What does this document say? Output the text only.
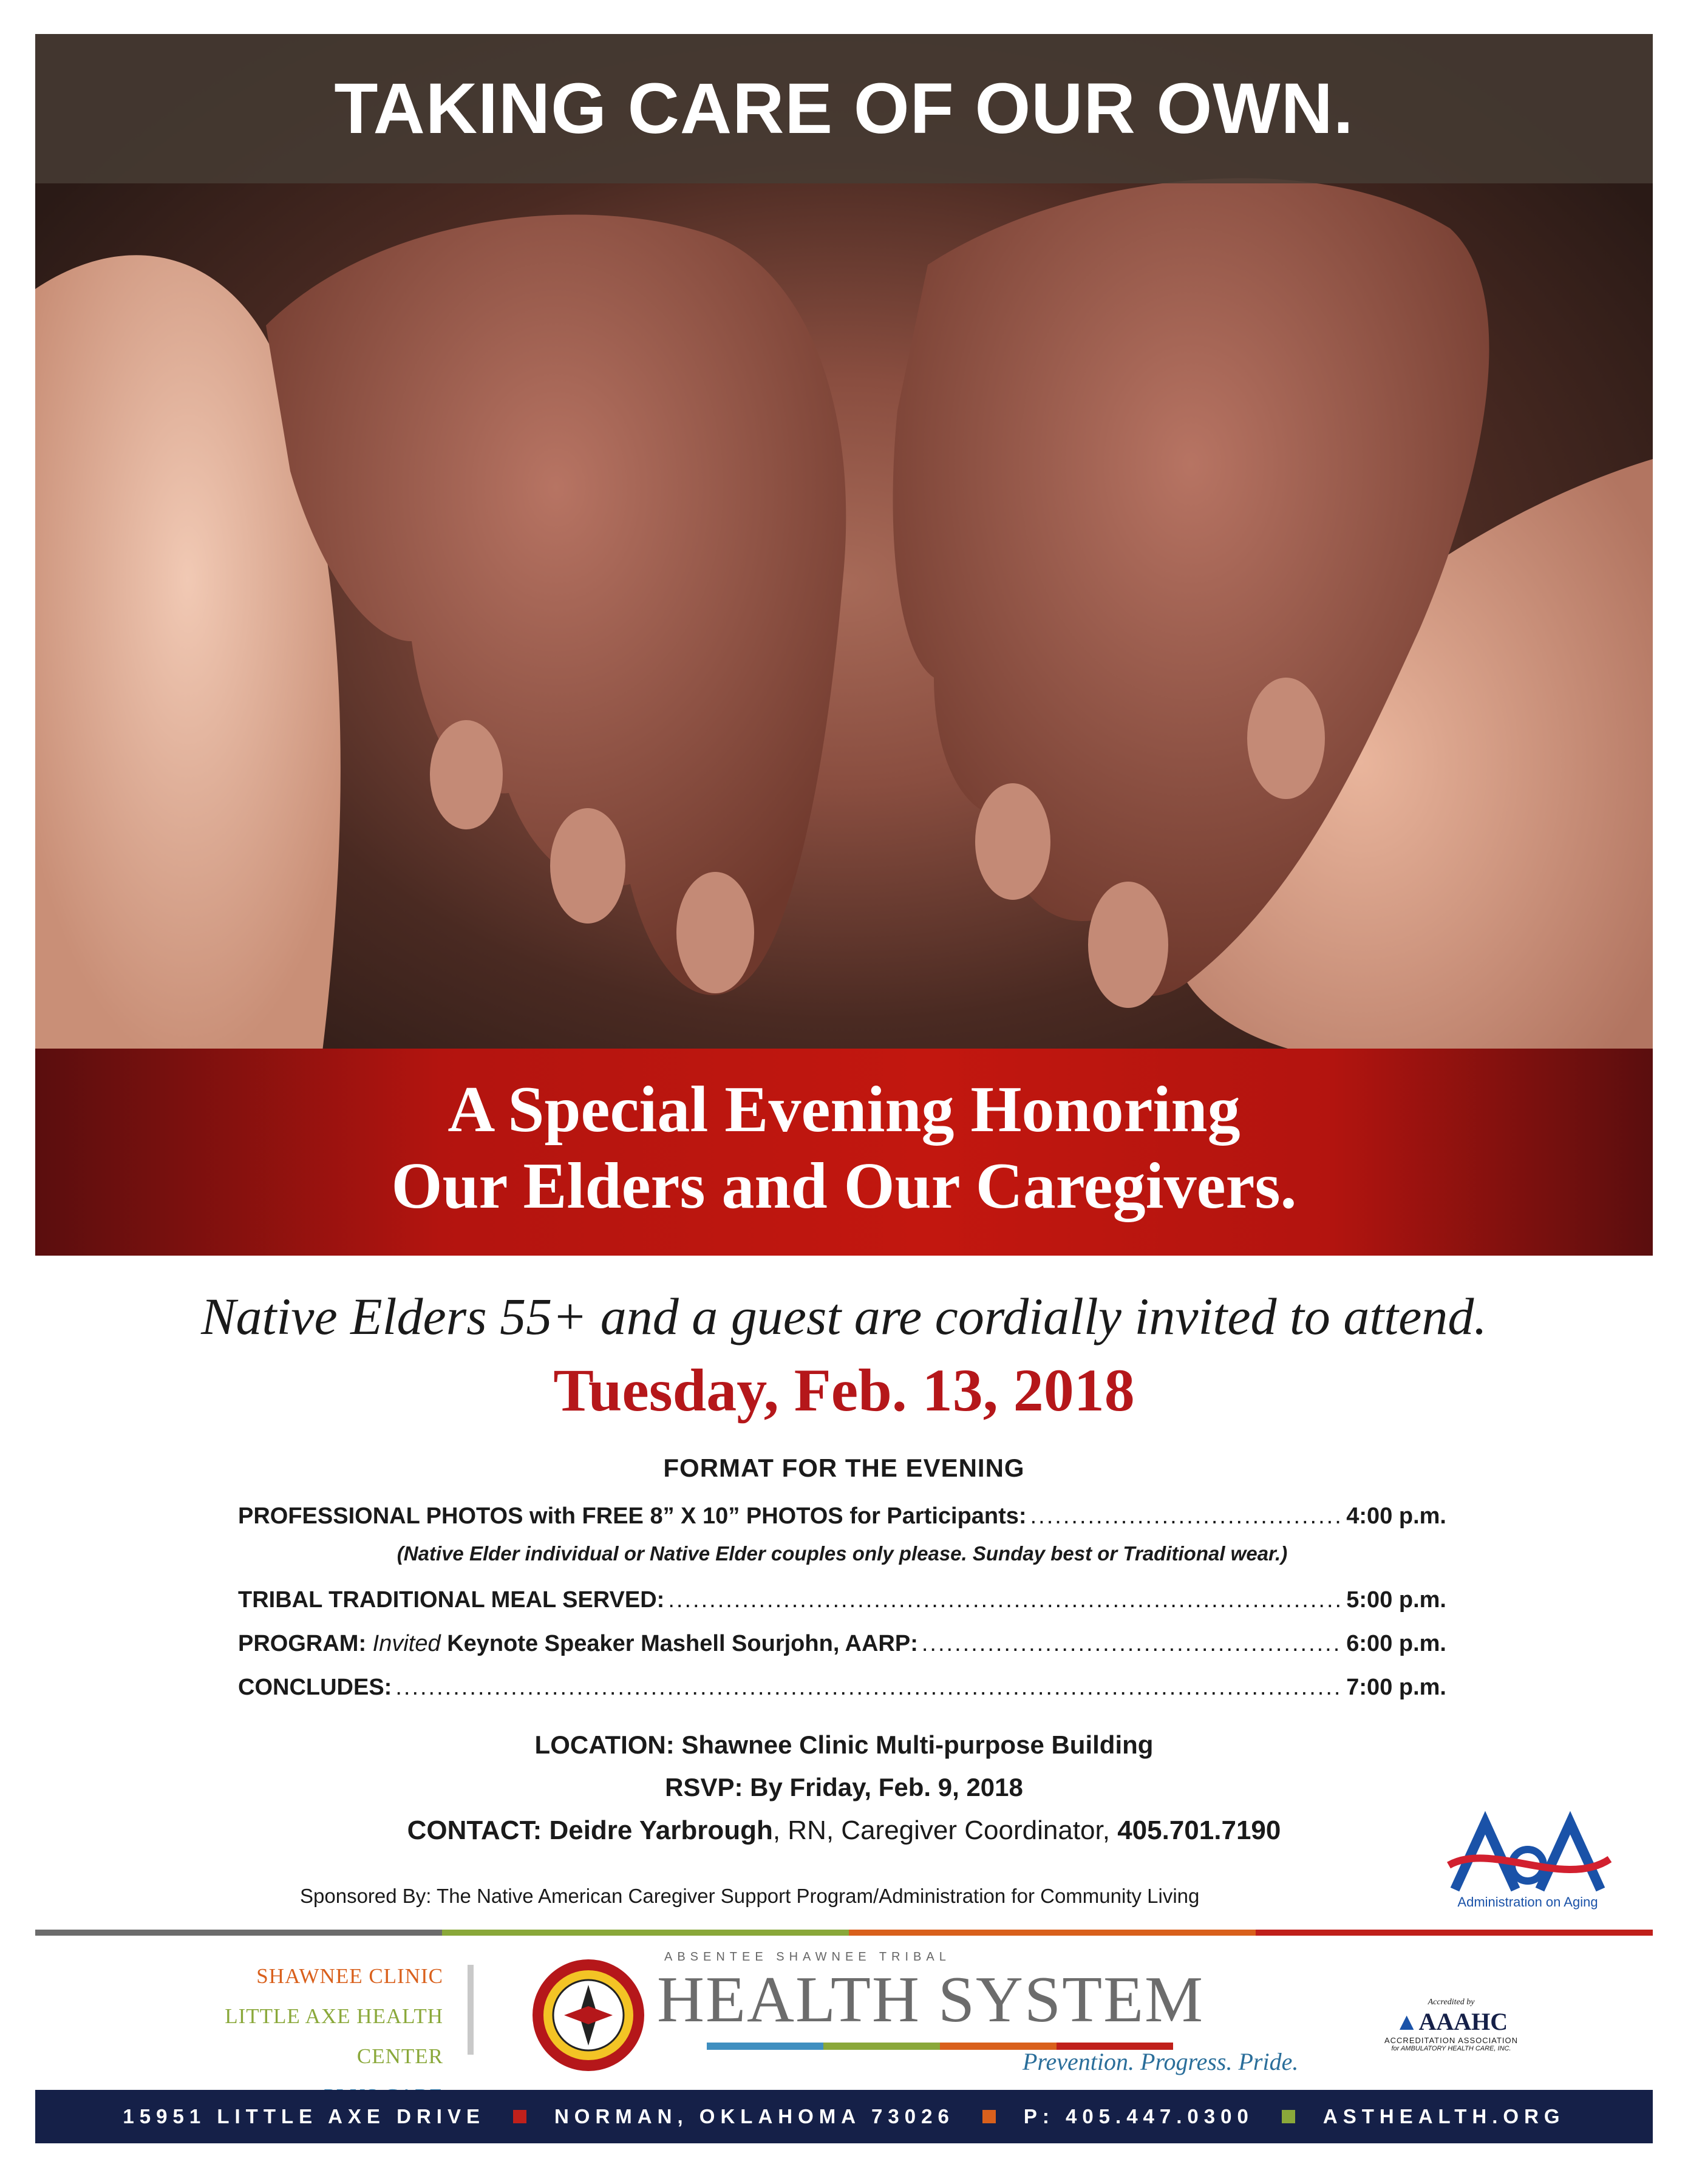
TAKING CARE OF OUR OWN.
A Special Evening Honoring
Our Elders and Our Caregivers.
Native Elders 55+ and a guest are cordially invited to attend.
Tuesday, Feb. 13, 2018
FORMAT FOR THE EVENING
PROFESSIONAL PHOTOS with FREE 8” X 10” PHOTOS for Participants: .....	4:00 p.m.
(Native Elder individual or Native Elder couples only please. Sunday best or Traditional wear.)
TRIBAL TRADITIONAL MEAL SERVED: .....	5:00 p.m.
PROGRAM: Invited Keynote Speaker Mashell Sourjohn, AARP: .....	6:00 p.m.
CONCLUDES: .....	7:00 p.m.
LOCATION: Shawnee Clinic Multi-purpose Building
RSVP: By Friday, Feb. 9, 2018
CONTACT: Deidre Yarbrough, RN, Caregiver Coordinator, 405.701.7190
Sponsored By: The Native American Caregiver Support Program/Administration for Community Living
AoA
Administration on Aging
SHAWNEE CLINIC
LITTLE AXE HEALTH CENTER
ABSENTEE SHAWNEE TRIBAL
HEALTH SYSTEM
Prevention. Progress. Pride.
Accredited by
▲AAAHC
ACCREDITATION ASSOCIATION
for AMBULATORY HEALTH CARE, INC.
15951 LITTLE AXE DRIVE	NORMAN, OKLAHOMA 73026	P: 405.447.0300	ASTHEALTH.ORG
